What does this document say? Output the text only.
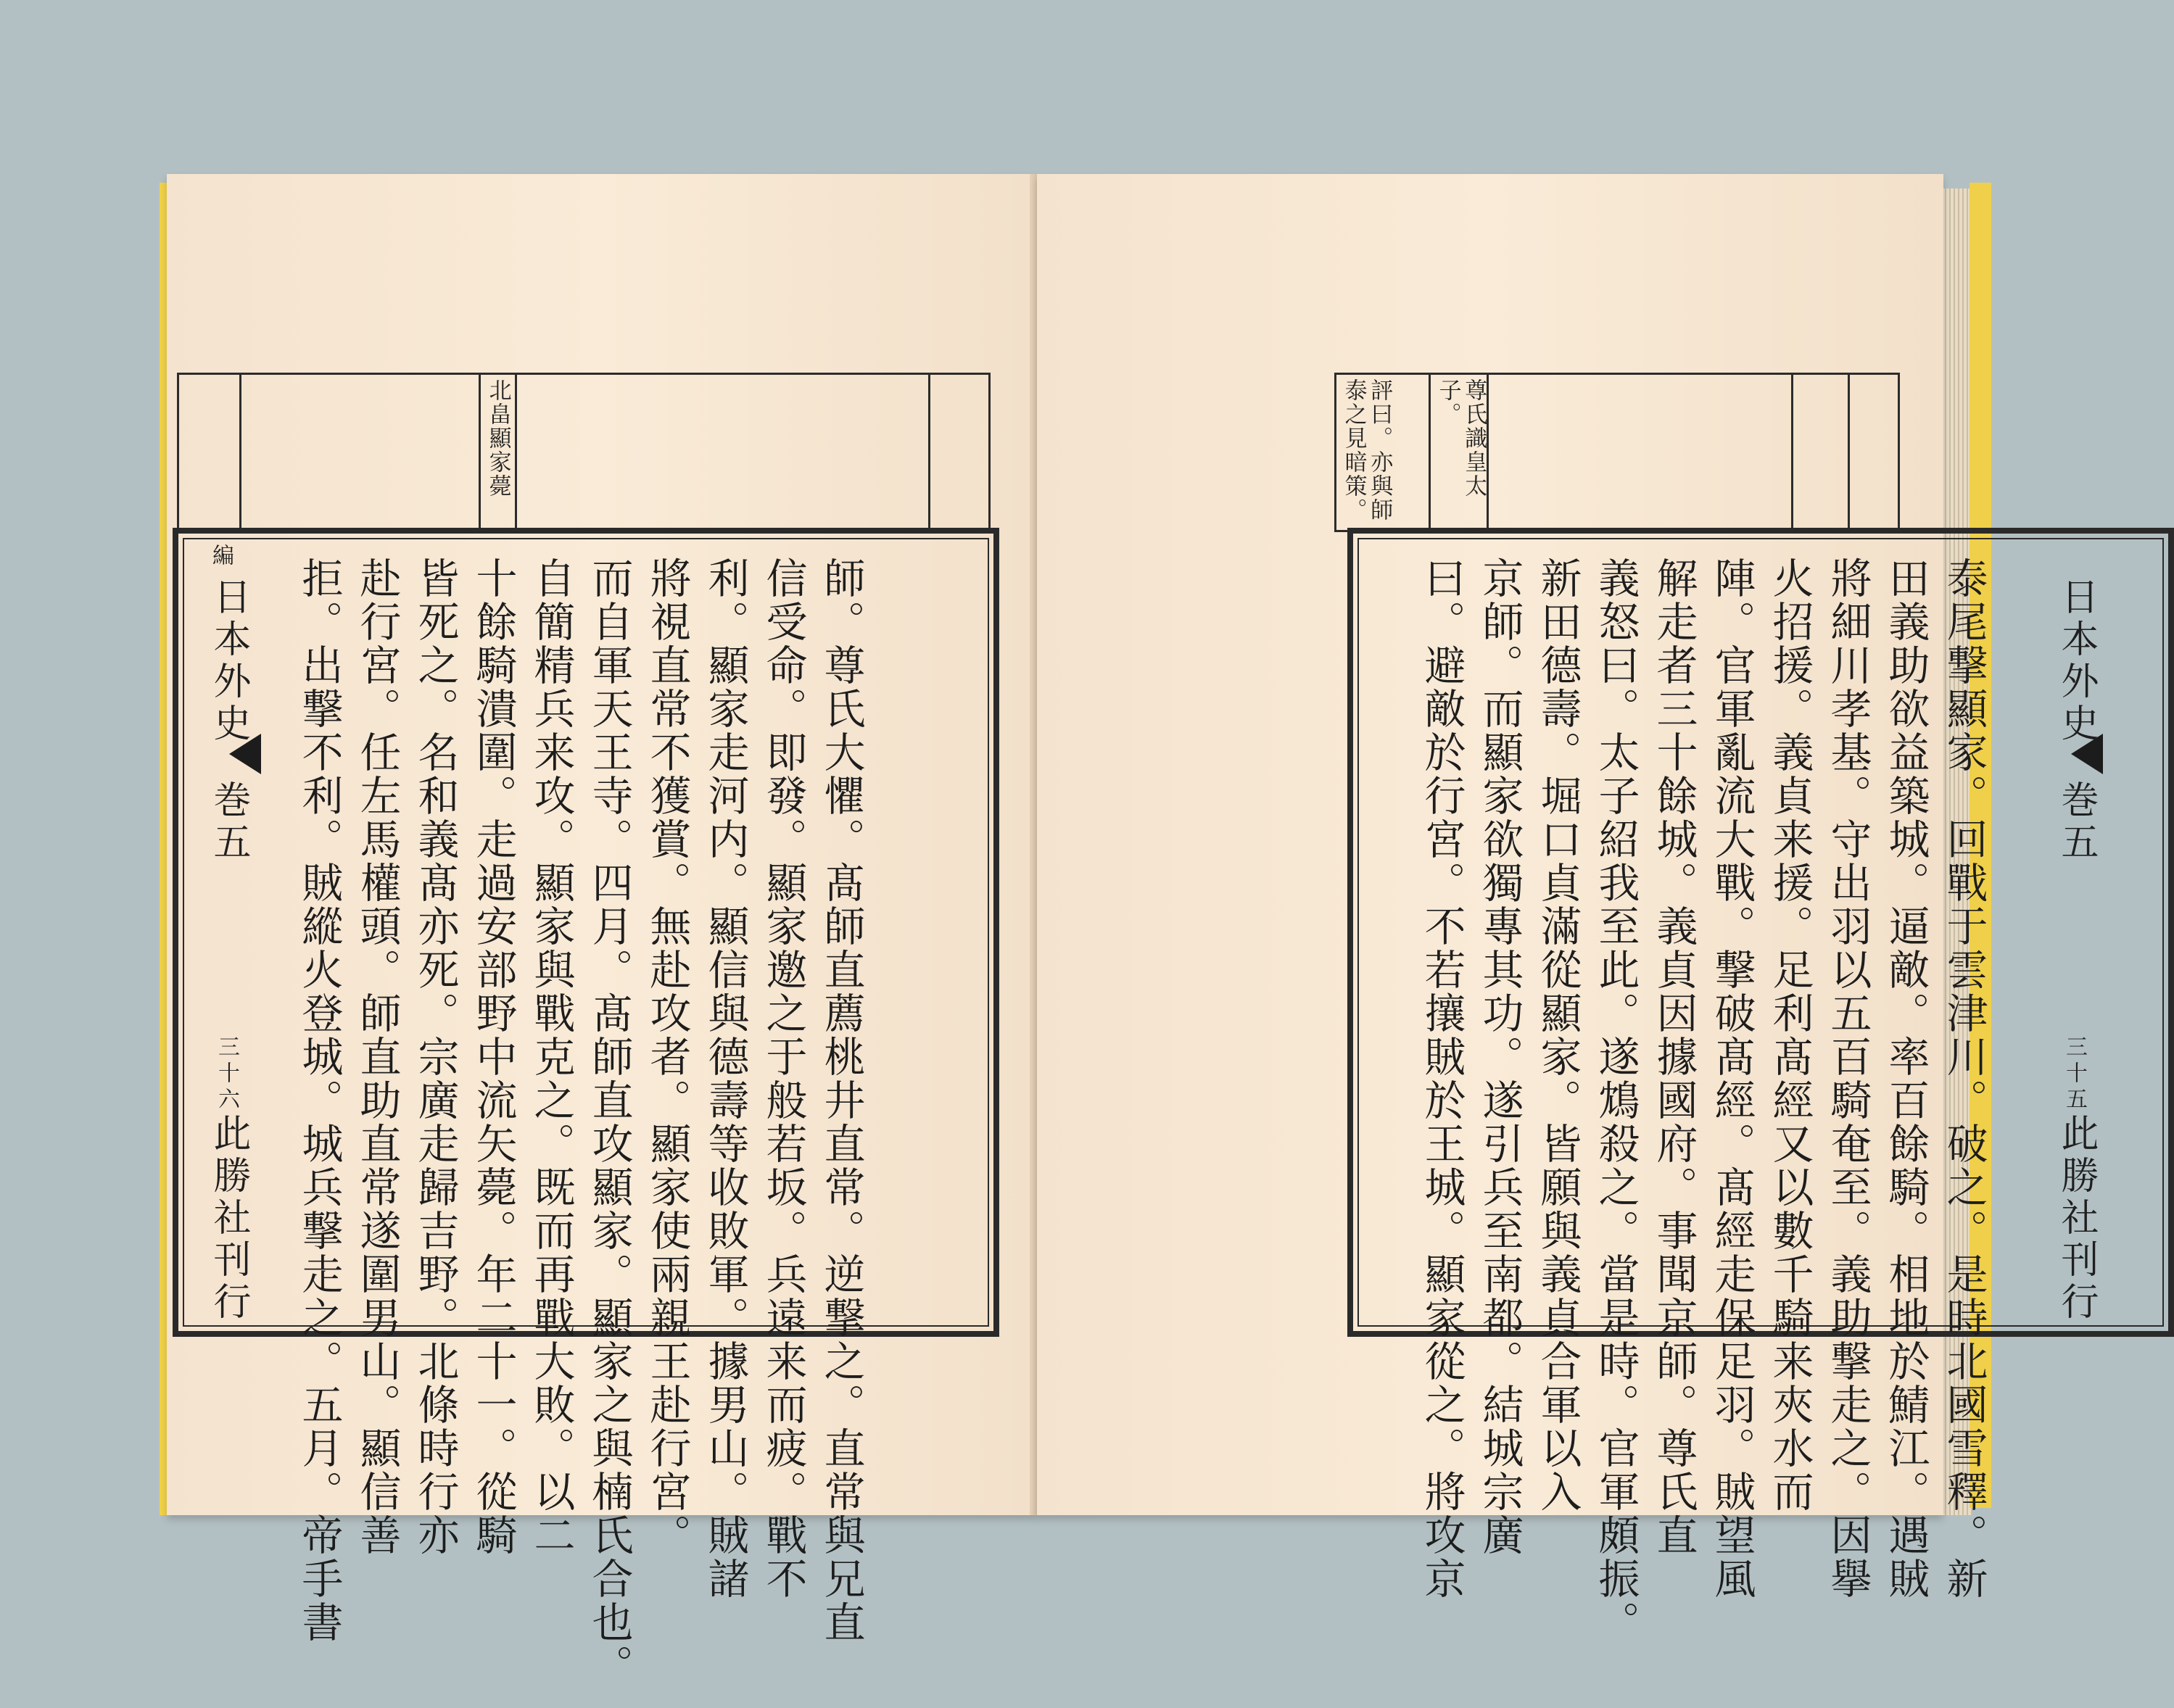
北畠顯家薨
師。尊氏大懼。髙師直薦桃井直常。逆撃之。直常與兄直
信受命。即發。顯家邀之于般若坂。兵遠来而疲。戰不
利。顯家走河内。顯信與德壽等收敗軍。據男山。賊諸
將視直常不獲賞。無赴攻者。顯家使兩親王赴行宮。
而自軍天王寺。四月。髙師直攻顯家。顯家之與楠氏合也。
自簡精兵来攻。顯家與戰克之。既而再戰大敗。以二
十餘騎潰圍。走過安部野中流矢薨。年二十一。從騎
皆死之。名和義髙亦死。宗廣走歸吉野。北條時行亦
赴行宮。任左馬權頭。師直助直常遂圍男山。顯信善
拒。出撃不利。賊縱火登城。城兵撃走之。五月。帝手書
編
日本外史
巻五
三十六
此勝社刊行
尊氏識皇太子。
評曰。亦與師泰之見暗策。
泰尾撃顯家。回戰于雲津川。破之。是時北國雪釋。新
田義助欲益築城。逼敵。率百餘騎。相地於鯖江。遇賊
將細川孝基。守出羽以五百騎奄至。義助撃走之。因擧
火招援。義貞来援。足利髙經又以數千騎来夾水而
陣。官軍亂流大戰。撃破髙經。髙經走保足羽。賊望風
解走者三十餘城。義貞因據國府。事聞京師。尊氏直
義怒曰。太子紹我至此。遂鴆殺之。當是時。官軍頗振。
新田德壽。堀口貞滿從顯家。皆願與義貞合軍以入
京師。而顯家欲獨專其功。遂引兵至南都。結城宗廣
曰。避敵於行宮。不若攘賊於王城。顯家從之。將攻京	日本外史
巻五
三十五
此勝社刊行
